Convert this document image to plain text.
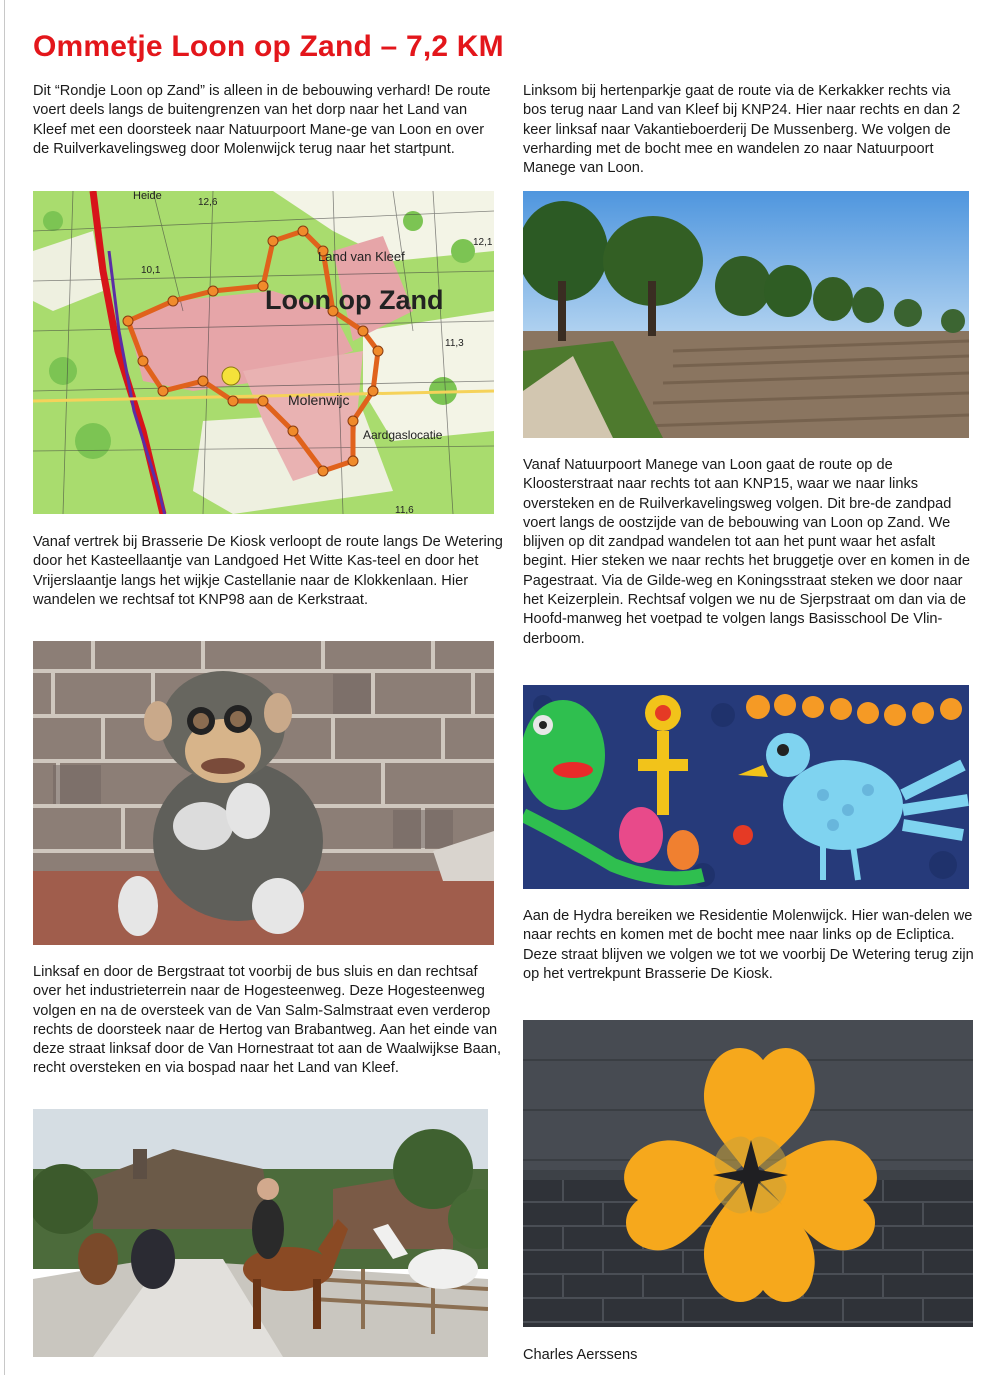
Ommetje Loon op Zand – 7,2 KM

Dit “Rondje Loon op Zand” is alleen in de bebouwing verhard! De route voert deels langs de buitengrenzen van het dorp naar het Land van Kleef met een doorsteek naar Natuurpoort Mane-ge van Loon en over de Ruilverkavelingsweg door Molenwijck terug naar het startpunt.

Loon op Zand
Land van Kleef
Molenwijc
Aardgaslocatie
Heide
12,6
12,1
10,1
11,3
11,6

Vanaf vertrek bij Brasserie De Kiosk verloopt de route langs De Wetering door het Kasteellaantje van Landgoed Het Witte Kas-teel en door het Vrijerslaantje langs het wijkje Castellanie naar de Klokkenlaan. Hier wandelen we rechtsaf tot KNP98 aan de Kerkstraat.

Linksaf en door de Bergstraat tot voorbij de bus sluis en dan rechtsaf over het industrieterrein naar de Hogesteenweg. Deze Hogesteenweg volgen en na de oversteek van de Van Salm-Salmstraat even verderop rechts de doorsteek naar de Hertog van Brabantweg. Aan het einde van deze straat linksaf door de Van Hornestraat tot aan de Waalwijkse Baan, recht oversteken en via bospad naar het Land van Kleef.

Linksom bij hertenparkje gaat de route via de Kerkakker rechts via bos terug naar Land van Kleef bij KNP24. Hier naar rechts en dan 2 keer linksaf naar Vakantieboerderij De Mussenberg. We volgen de verharding met de bocht mee en wandelen zo naar Natuurpoort Manege van Loon.

Vanaf Natuurpoort Manege van Loon gaat de route op de Kloosterstraat naar rechts tot aan KNP15, waar we naar links oversteken en de Ruilverkavelingsweg volgen. Dit bre-de zandpad voert langs de oostzijde van de bebouwing van Loon op Zand. We blijven op dit zandpad wandelen tot aan het punt waar het asfalt begint. Hier steken we naar rechts het bruggetje over en komen in de Pagestraat. Via de Gilde-weg en Koningsstraat steken we door naar het Keizerplein. Rechtsaf volgen we nu de Sjerpstraat om dan via de Hoofd-manweg het voetpad te volgen langs Basisschool De Vlin-derboom.

Aan de Hydra bereiken we Residentie Molenwijck. Hier wan-delen we naar rechts en komen met de bocht mee naar links op de Ecliptica. Deze straat blijven we volgen we tot we voorbij De Wetering terug zijn op het vertrekpunt Brasserie De Kiosk.

Charles Aerssens
